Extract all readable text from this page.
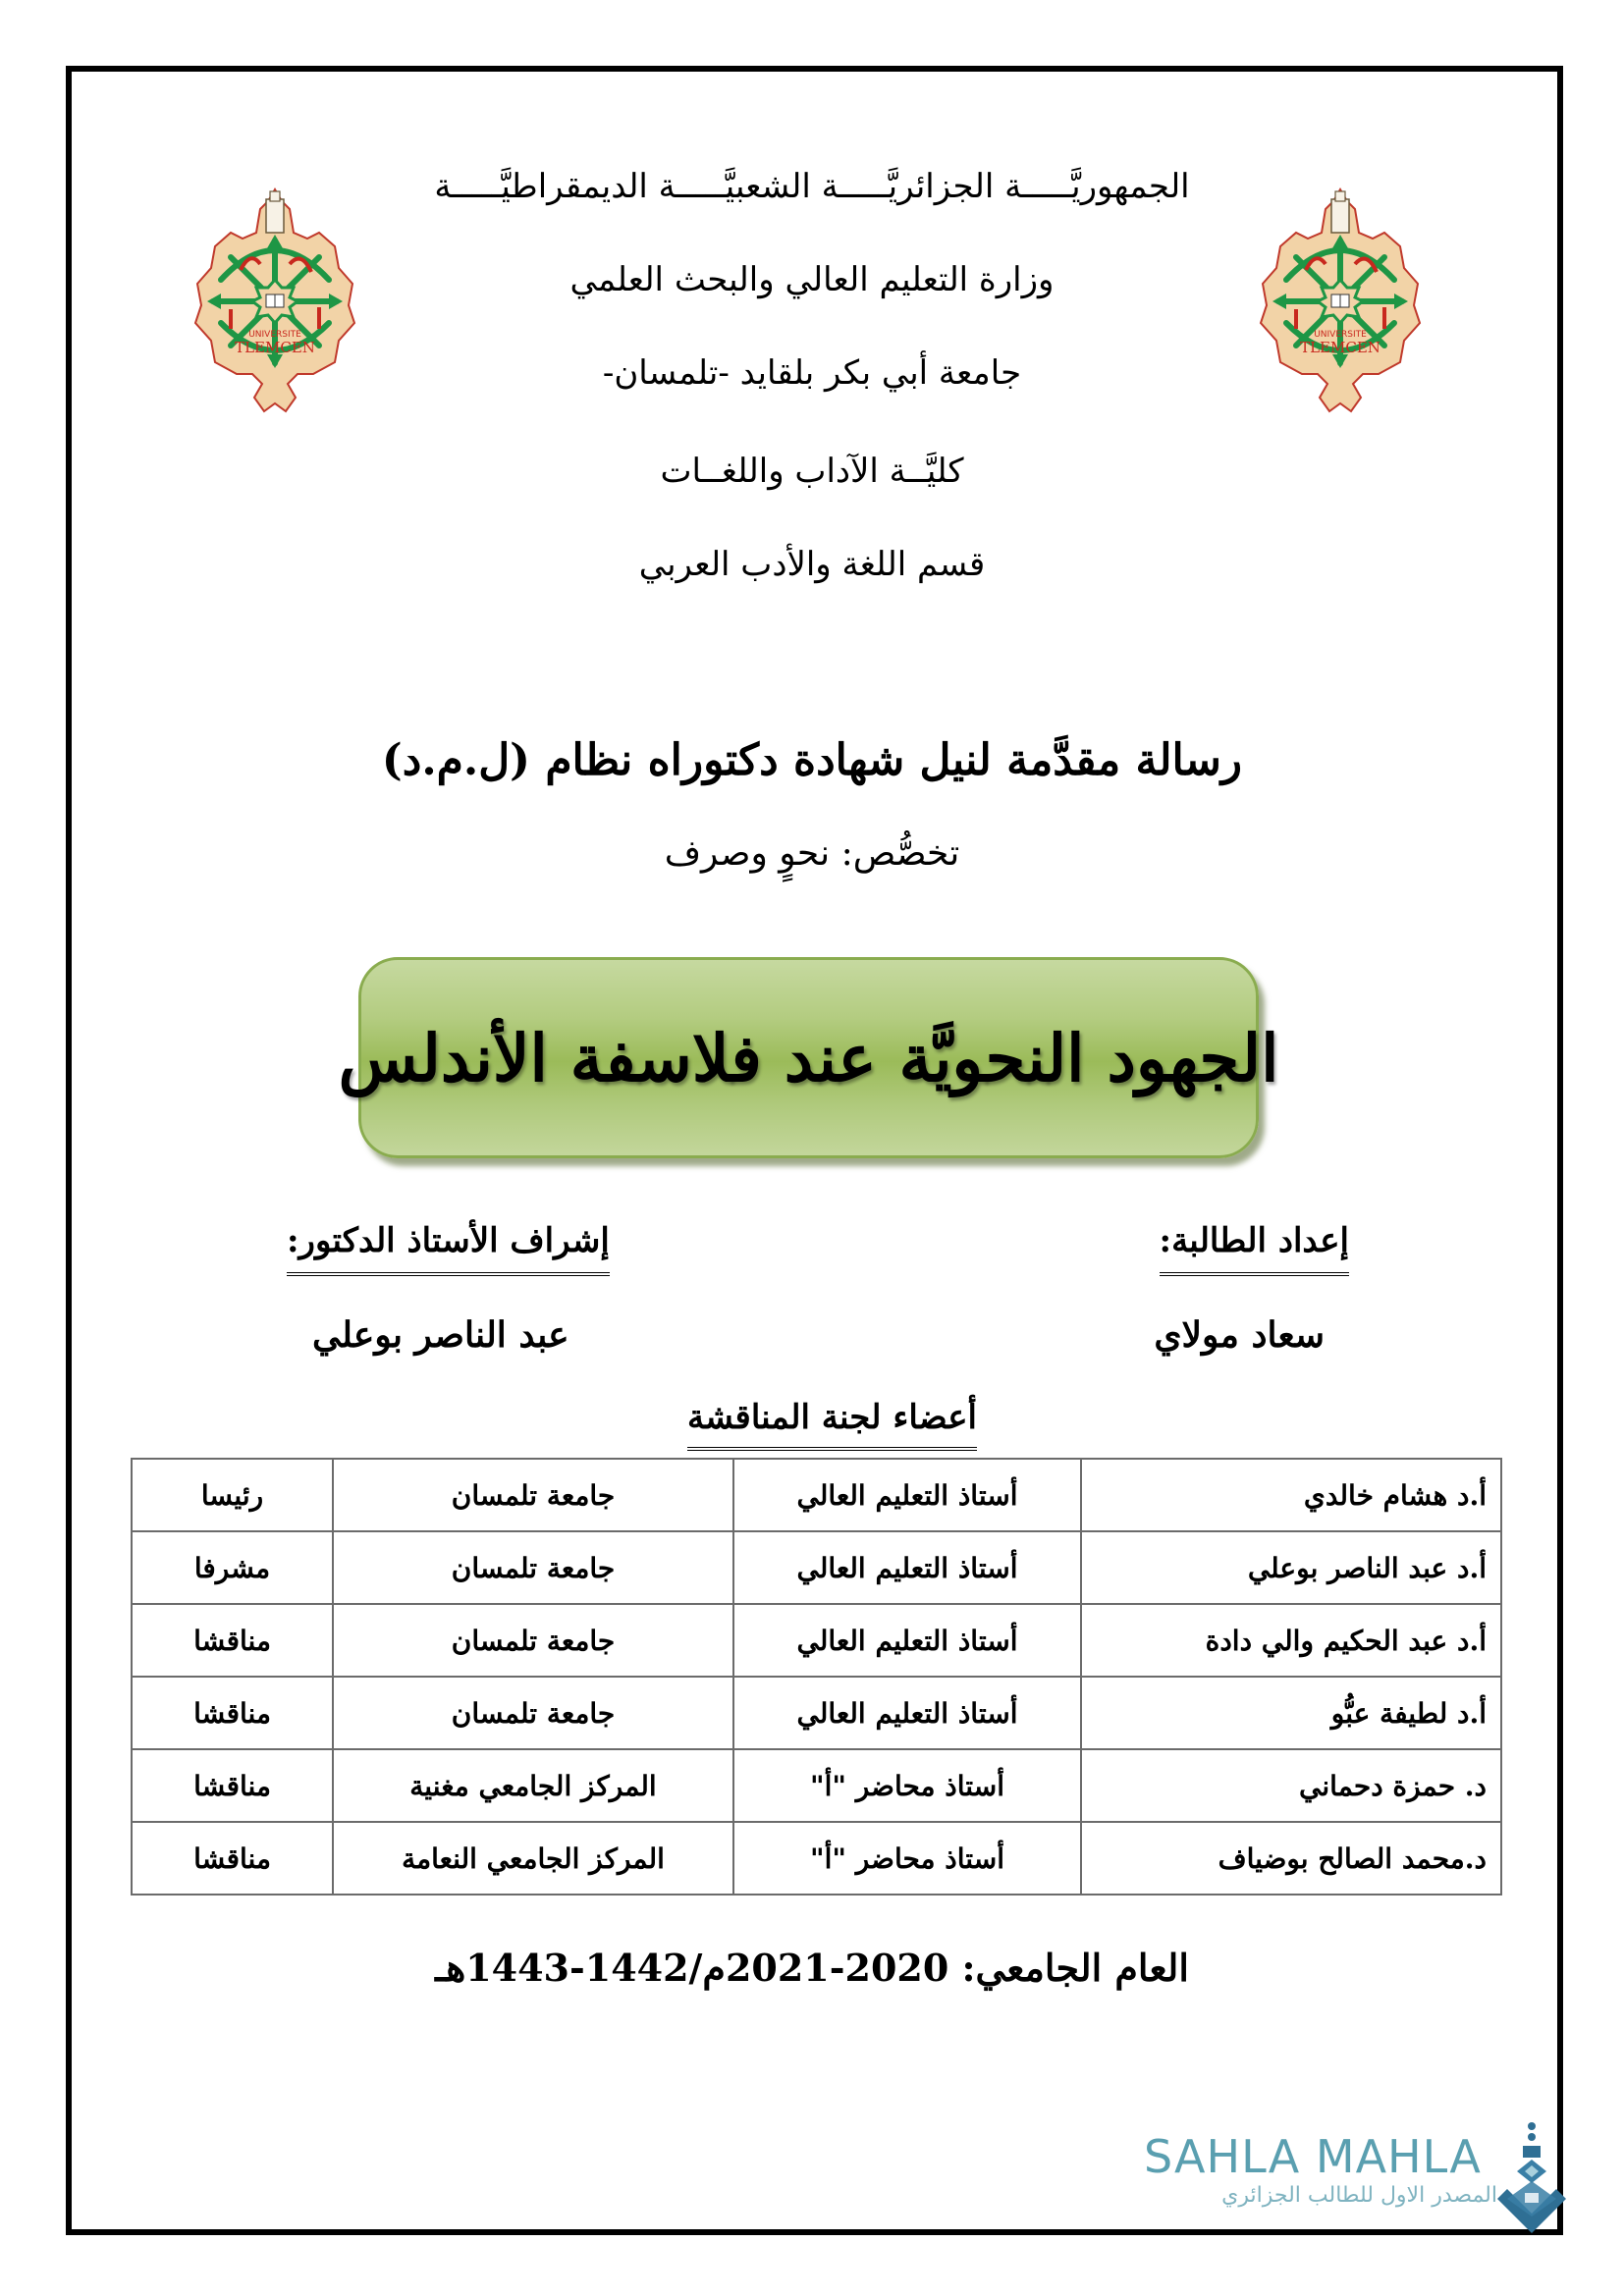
UNIVERSITE
TLEMCEN
UNIVERSITE
TLEMCEN
الجمهوريَّـــــة الجزائريَّـــــة الشعبيَّـــــة الديمقراطيَّـــــة
وزارة التعليم العالي والبحث العلمي
جامعة أبي بكر بلقايد -تلمسان-
كليَّــة الآداب واللغــات
قسم اللغة والأدب العربي
رسالة مقدَّمة لنيل شهادة دكتوراه نظام (ل.م.د)
تخصُّص: نحوٍ وصرف
الجهود النحويَّة عند فلاسفة الأندلس
إعداد الطالبة:
إشراف الأستاذ الدكتور:
سعاد مولاي
عبد الناصر بوعلي
أعضاء لجنة المناقشة
أ.د هشام خالدي	أستاذ التعليم العالي	جامعة تلمسان	رئيسا
أ.د عبد الناصر بوعلي	أستاذ التعليم العالي	جامعة تلمسان	مشرفا
أ.د عبد الحكيم والي دادة	أستاذ التعليم العالي	جامعة تلمسان	مناقشا
أ.د لطيفة عبُّو	أستاذ التعليم العالي	جامعة تلمسان	مناقشا
د. حمزة دحماني	أستاذ محاضر "أ"	المركز الجامعي مغنية	مناقشا
د.محمد الصالح بوضياف	أستاذ محاضر "أ"	المركز الجامعي النعامة	مناقشا
العام الجامعي: 2020-2021م/1442-1443هـ
SAHLA MAHLA
المصدر الاول للطالب الجزائري
